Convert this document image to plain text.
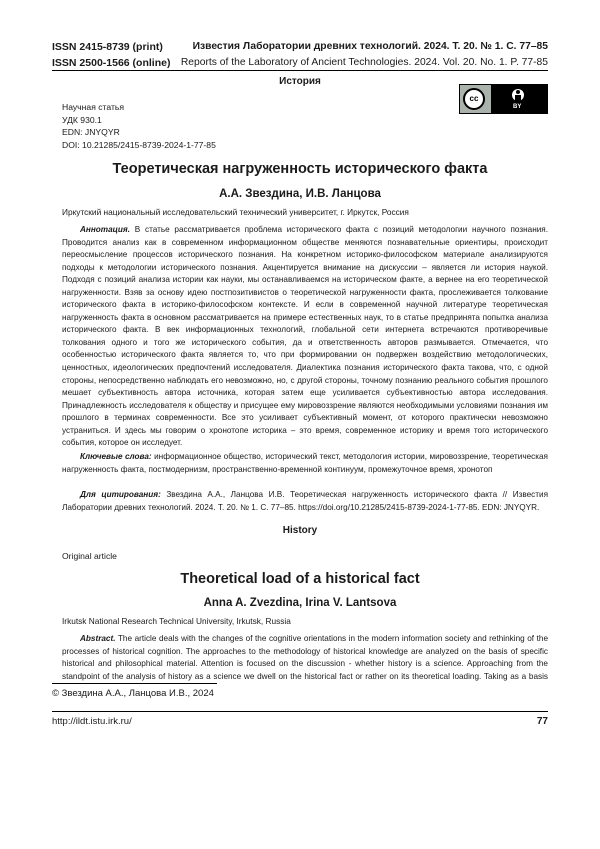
ISSN 2415-8739 (print)
ISSN 2500-1566 (online)
Известия Лаборатории древних технологий. 2024. Т. 20. № 1. С. 77–85
Reports of the Laboratory of Ancient Technologies. 2024. Vol. 20. No. 1. P. 77-85
История
Научная статья
УДК 930.1
EDN: JNYQYR
DOI: 10.21285/2415-8739-2024-1-77-85
cc
BY
Теоретическая нагруженность исторического факта
А.А. Звездина, И.В. Ланцова
Иркутский национальный исследовательский технический университет, г. Иркутск, Россия
Аннотация. В статье рассматривается проблема исторического факта с позиций методологии научного познания. Проводится анализ как в современном информационном обществе меняются познавательные ориентиры, происходит переосмысление процессов исторического познания. На конкретном историко-философском материале анализируются подходы к методологии исторического познания. Акцентируется внимание на дискуссии – является ли история наукой. Подходя с позиций анализа истории как науки, мы останавливаемся на историческом факте, а вернее на его теоретической нагруженности. Взяв за основу идею постпозитивистов о теоретической нагруженности факта, прослеживается толкование исторического факта в историко-философском контексте. И если в современной научной литературе теоретическая нагруженность факта в основном рассматривается на примере естественных наук, то в статье предпринята попытка анализа исторического факта. В век информационных технологий, глобальной сети интернета встречаются противоречивые толкования одного и того же исторического события, да и ответственность авторов размывается. Отмечается, что особенностью исторического факта является то, что при формировании он подвержен воздействию методологических, ценностных, идеологических предпочтений исследователя. Диалектика познания исторического факта такова, что, с одной стороны, непосредственно наблюдать его невозможно, но, с другой стороны, точному познанию реального события прошлого мешает субъективность автора источника, которая затем еще усиливается субъективностью автора исследования. Принадлежность исследователя к обществу и присущее ему мировоззрение являются необходимыми условиями познания им прошлого в терминах современности. Все это усиливает субъективный момент, от которого практически невозможно устраниться. И здесь мы говорим о хронотопе историка – это время, современное историку и время того исторического события, которое он исследует.
Ключевые слова: информационное общество, исторический текст, методология истории, мировоззрение, теоретическая нагруженность факта, постмодернизм, пространственно-временной континуум, промежуточное время, хронотоп
Для цитирования: Звездина А.А., Ланцова И.В. Теоретическая нагруженность исторического факта // Известия Лаборатории древних технологий. 2024. Т. 20. № 1. С. 77–85. https://doi.org/10.21285/2415-8739-2024-1-77-85. EDN: JNYQYR.
History
Original article
Theoretical load of a historical fact
Anna A. Zvezdina, Irina V. Lantsova
Irkutsk National Research Technical University, Irkutsk, Russia
Abstract. The article deals with the changes of the cognitive orientations in the modern information society and rethinking of the processes of historical cognition. The approaches to the methodology of historical knowledge are analyzed on the basis of specific historical and philosophical material. Attention is focused on the discussion - whether history is a science. Approaching from the standpoint of the analysis of history as a science we dwell on the historical fact or rather on its theoretical loading. Taking as a basis
© Звездина А.А., Ланцова И.В., 2024
http://ildt.istu.irk.ru/	77
